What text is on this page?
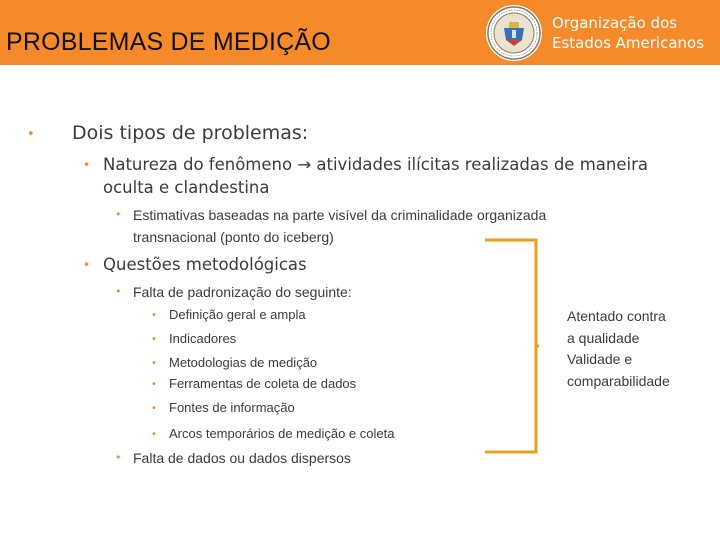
PROBLEMAS DE MEDIÇÃO
Organização dos
Estados Americanos
• Dois tipos de problemas:
• Natureza do fenômeno → atividades ilícitas realizadas de maneira
oculta e clandestina
• Estimativas baseadas na parte visível da criminalidade organizada
transnacional (ponto do iceberg)
• Questões metodológicas
• Falta de padronização do seguinte:
• Definição geral e ampla
• Indicadores
• Metodologias de medição
• Ferramentas de coleta de dados
• Fontes de informação
• Arcos temporários de medição e coleta
• Falta de dados ou dados dispersos
Atentado contra
a qualidade
Validade e
comparabilidade
